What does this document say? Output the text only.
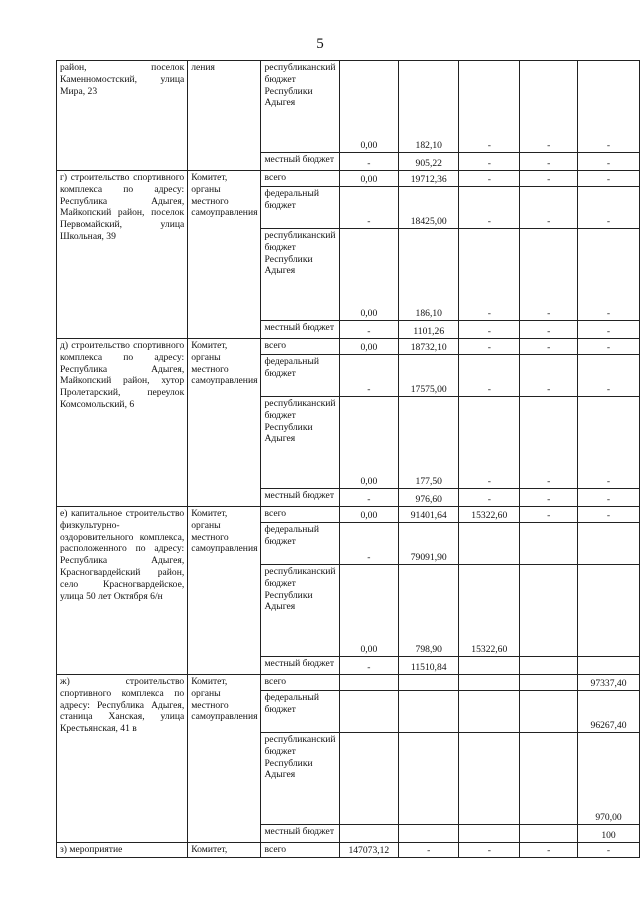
5
район, поселок Каменномостский, улица Мира, 23	ления	республиканский бюджет Республики Адыгея	0,00	182,10	-	-	-
		местный бюджет	-	905,22	-	-	-
г) строительство спортивного комплекса по адресу: Республика Адыгея, Майкопский район, поселок Первомайский, улица Школьная, 39	Комитет, органы местного самоуправления	всего	0,00	19712,36	-	-	-
		федеральный бюджет	-	18425,00	-	-	-
		республиканский бюджет Республики Адыгея	0,00	186,10	-	-	-
		местный бюджет	-	1101,26	-	-	-
д) строительство спортивного комплекса по адресу: Республика Адыгея, Майкопский район, хутор Пролетарский, переулок Комсомольский, 6	Комитет, органы местного самоуправления	всего	0,00	18732,10	-	-	-
		федеральный бюджет	-	17575,00	-	-	-
		республиканский бюджет Республики Адыгея	0,00	177,50	-	-	-
		местный бюджет	-	976,60	-	-	-
е) капитальное строительство физкультурно-оздоровительного комплекса, расположенного по адресу: Республика Адыгея, Красногвардейский район, село Красногвардейское, улица 50 лет Октября 6/н	Комитет, органы местного самоуправления	всего	0,00	91401,64	15322,60	-	-
		федеральный бюджет	-	79091,90			
		республиканский бюджет Республики Адыгея	0,00	798,90	15322,60		
		местный бюджет	-	11510,84			
ж) строительство спортивного комплекса по адресу: Республика Адыгея, станица Ханская, улица Крестьянская, 41 в	Комитет, органы местного самоуправления	всего					97337,40
		федеральный бюджет					96267,40
		республиканский бюджет Республики Адыгея					970,00
		местный бюджет					100
з) мероприятие	Комитет,	всего	147073,12	-	-	-	-
